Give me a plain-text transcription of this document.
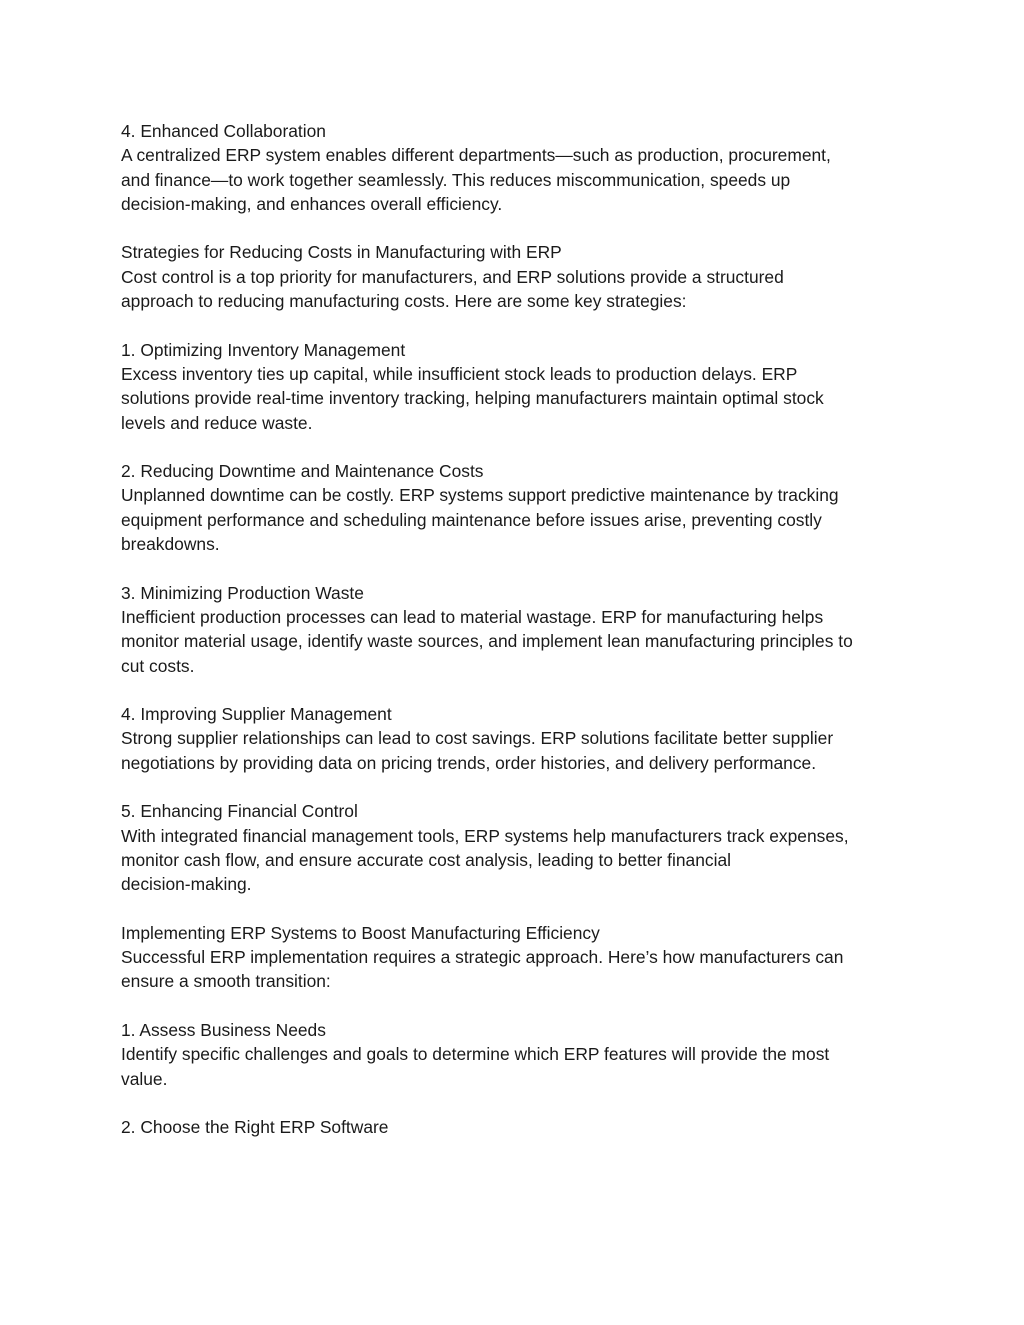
4. Enhanced Collaboration

A centralized ERP system enables different departments—such as production, procurement,
and finance—to work together seamlessly. This reduces miscommunication, speeds up
decision-making, and enhances overall efficiency.

Strategies for Reducing Costs in Manufacturing with ERP

Cost control is a top priority for manufacturers, and ERP solutions provide a structured
approach to reducing manufacturing costs. Here are some key strategies:

1. Optimizing Inventory Management

Excess inventory ties up capital, while insufficient stock leads to production delays. ERP
solutions provide real-time inventory tracking, helping manufacturers maintain optimal stock
levels and reduce waste.

2. Reducing Downtime and Maintenance Costs

Unplanned downtime can be costly. ERP systems support predictive maintenance by tracking
equipment performance and scheduling maintenance before issues arise, preventing costly
breakdowns.

3. Minimizing Production Waste

Inefficient production processes can lead to material wastage. ERP for manufacturing helps
monitor material usage, identify waste sources, and implement lean manufacturing principles to
cut costs.

4. Improving Supplier Management

Strong supplier relationships can lead to cost savings. ERP solutions facilitate better supplier
negotiations by providing data on pricing trends, order histories, and delivery performance.

5. Enhancing Financial Control

With integrated financial management tools, ERP systems help manufacturers track expenses,
monitor cash flow, and ensure accurate cost analysis, leading to better financial
decision-making.

Implementing ERP Systems to Boost Manufacturing Efficiency

Successful ERP implementation requires a strategic approach. Here’s how manufacturers can
ensure a smooth transition:

1. Assess Business Needs

Identify specific challenges and goals to determine which ERP features will provide the most
value.

2. Choose the Right ERP Software
